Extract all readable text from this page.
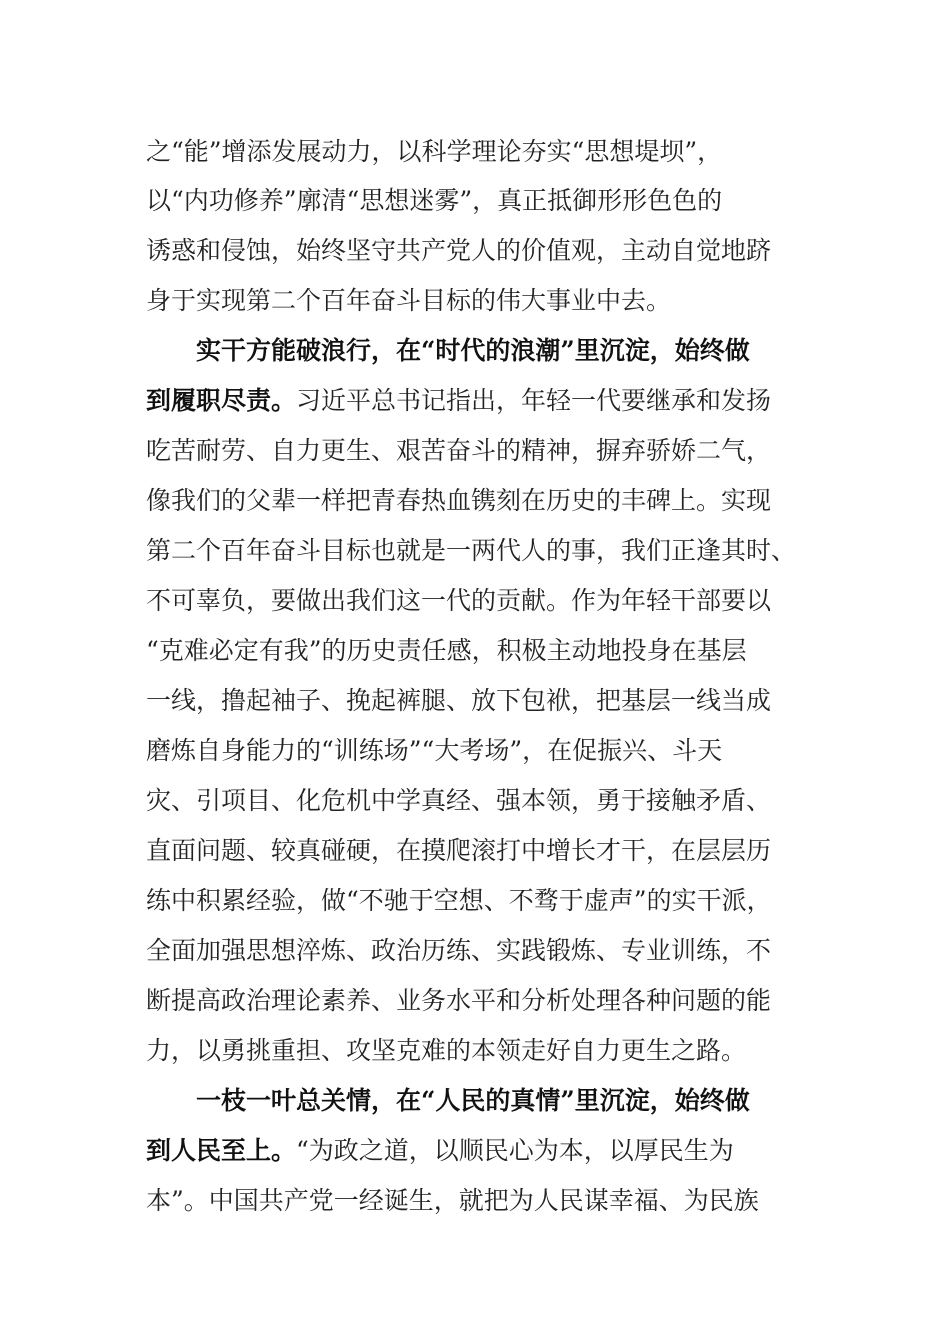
之“能”增添发展动力，以科学理论夯实“思想堤坝”，
以“内功修养”廓清“思想迷雾”，真正抵御形形色色的
诱惑和侵蚀，始终坚守共产党人的价值观，主动自觉地跻
身于实现第二个百年奋斗目标的伟大事业中去。
实干方能破浪行，在“时代的浪潮”里沉淀，始终做
到履职尽责。习近平总书记指出，年轻一代要继承和发扬
吃苦耐劳、自力更生、艰苦奋斗的精神，摒弃骄娇二气，
像我们的父辈一样把青春热血镌刻在历史的丰碑上。实现
第二个百年奋斗目标也就是一两代人的事，我们正逢其时、
不可辜负，要做出我们这一代的贡献。作为年轻干部要以
“克难必定有我”的历史责任感，积极主动地投身在基层
一线，撸起袖子、挽起裤腿、放下包袱，把基层一线当成
磨炼自身能力的“训练场”“大考场”，在促振兴、斗天
灾、引项目、化危机中学真经、强本领，勇于接触矛盾、
直面问题、较真碰硬，在摸爬滚打中增长才干，在层层历
练中积累经验，做“不驰于空想、不骛于虚声”的实干派，
全面加强思想淬炼、政治历练、实践锻炼、专业训练，不
断提高政治理论素养、业务水平和分析处理各种问题的能
力，以勇挑重担、攻坚克难的本领走好自力更生之路。
一枝一叶总关情，在“人民的真情”里沉淀，始终做
到人民至上。“为政之道，以顺民心为本，以厚民生为
本”。中国共产党一经诞生，就把为人民谋幸福、为民族
